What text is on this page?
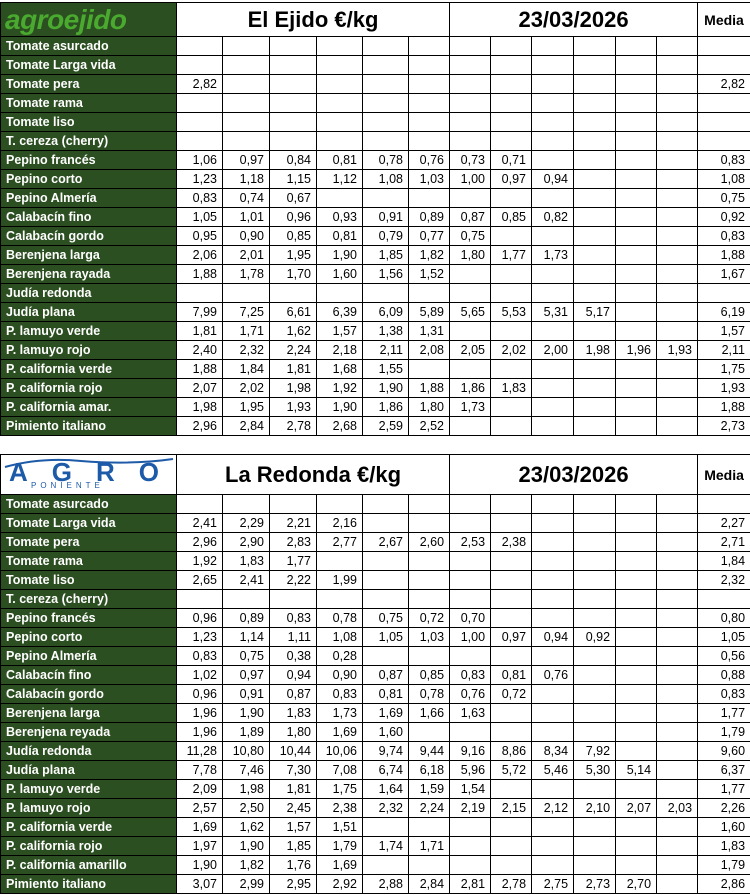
agroejido	El Ejido €/kg						23/03/2026						Media
Tomate asurcado													
Tomate Larga vida													
Tomate pera	2,82												2,82
Tomate rama													
Tomate liso													
T. cereza (cherry)													
Pepino francés	1,06	0,97	0,84	0,81	0,78	0,76	0,73	0,71					0,83
Pepino corto	1,23	1,18	1,15	1,12	1,08	1,03	1,00	0,97	0,94				1,08
Pepino Almería	0,83	0,74	0,67										0,75
Calabacín fino	1,05	1,01	0,96	0,93	0,91	0,89	0,87	0,85	0,82				0,92
Calabacín gordo	0,95	0,90	0,85	0,81	0,79	0,77	0,75						0,83
Berenjena larga	2,06	2,01	1,95	1,90	1,85	1,82	1,80	1,77	1,73				1,88
Berenjena rayada	1,88	1,78	1,70	1,60	1,56	1,52							1,67
Judía redonda													
Judía plana	7,99	7,25	6,61	6,39	6,09	5,89	5,65	5,53	5,31	5,17			6,19
P. lamuyo verde	1,81	1,71	1,62	1,57	1,38	1,31							1,57
P. lamuyo rojo	2,40	2,32	2,24	2,18	2,11	2,08	2,05	2,02	2,00	1,98	1,96	1,93	2,11
P. california verde	1,88	1,84	1,81	1,68	1,55								1,75
P. california rojo	2,07	2,02	1,98	1,92	1,90	1,88	1,86	1,83					1,93
P. california amar.	1,98	1,95	1,93	1,90	1,86	1,80	1,73						1,88
Pimiento italiano	2,96	2,84	2,78	2,68	2,59	2,52							2,73
AGRO
PONIENTE	La Redonda €/kg						23/03/2026						Media
Tomate asurcado													
Tomate Larga vida	2,41	2,29	2,21	2,16									2,27
Tomate pera	2,96	2,90	2,83	2,77	2,67	2,60	2,53	2,38					2,71
Tomate rama	1,92	1,83	1,77										1,84
Tomate liso	2,65	2,41	2,22	1,99									2,32
T. cereza (cherry)													
Pepino francés	0,96	0,89	0,83	0,78	0,75	0,72	0,70						0,80
Pepino corto	1,23	1,14	1,11	1,08	1,05	1,03	1,00	0,97	0,94	0,92			1,05
Pepino Almería	0,83	0,75	0,38	0,28									0,56
Calabacín fino	1,02	0,97	0,94	0,90	0,87	0,85	0,83	0,81	0,76				0,88
Calabacín gordo	0,96	0,91	0,87	0,83	0,81	0,78	0,76	0,72					0,83
Berenjena larga	1,96	1,90	1,83	1,73	1,69	1,66	1,63						1,77
Berenjena reyada	1,96	1,89	1,80	1,69	1,60								1,79
Judía redonda	11,28	10,80	10,44	10,06	9,74	9,44	9,16	8,86	8,34	7,92			9,60
Judía plana	7,78	7,46	7,30	7,08	6,74	6,18	5,96	5,72	5,46	5,30	5,14		6,37
P. lamuyo verde	2,09	1,98	1,81	1,75	1,64	1,59	1,54						1,77
P. lamuyo rojo	2,57	2,50	2,45	2,38	2,32	2,24	2,19	2,15	2,12	2,10	2,07	2,03	2,26
P. california verde	1,69	1,62	1,57	1,51									1,60
P. california rojo	1,97	1,90	1,85	1,79	1,74	1,71							1,83
P. california amarillo	1,90	1,82	1,76	1,69									1,79
Pimiento italiano	3,07	2,99	2,95	2,92	2,88	2,84	2,81	2,78	2,75	2,73	2,70		2,86
